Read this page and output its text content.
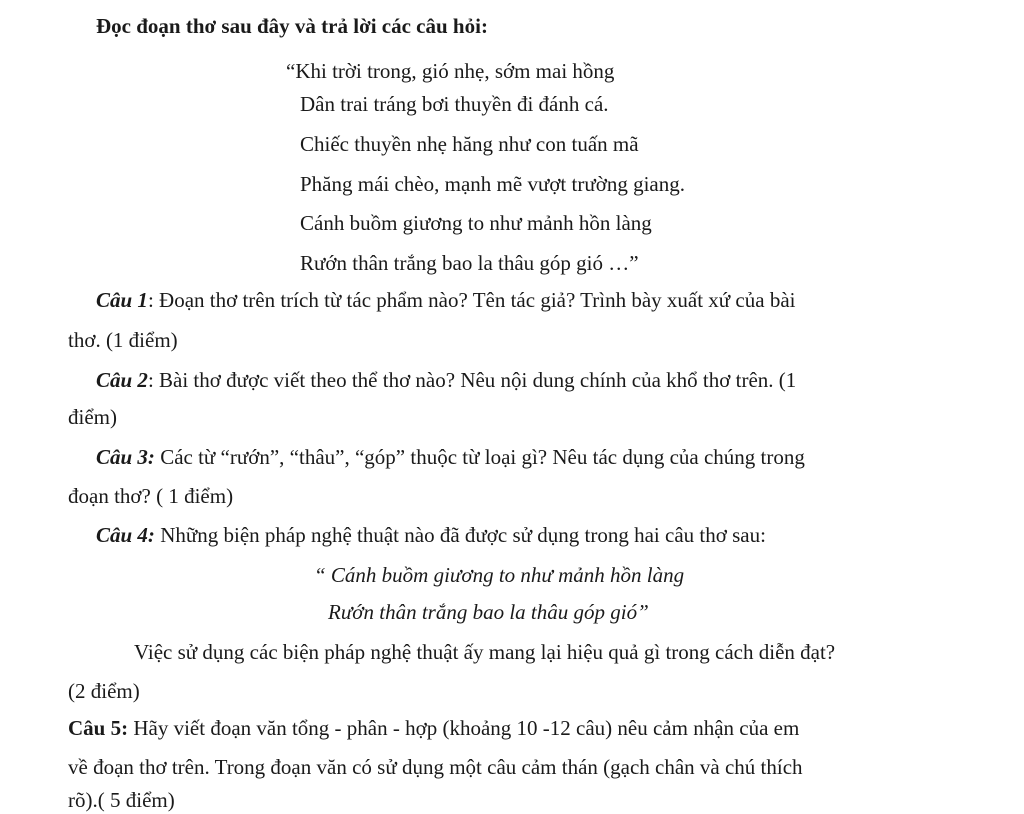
Đọc đoạn thơ sau đây và trả lời các câu hỏi:
“Khi trời trong, gió nhẹ, sớm mai hồng
Dân trai tráng bơi thuyền đi đánh cá.
Chiếc thuyền nhẹ hăng như con tuấn mã
Phăng mái chèo, mạnh mẽ vượt trường giang.
Cánh buồm giương to như mảnh hồn làng
Rướn thân trắng bao la thâu góp gió …”
Câu 1: Đoạn thơ trên trích từ tác phẩm nào? Tên tác giả? Trình bày xuất xứ của bài
thơ. (1 điểm)
Câu 2: Bài thơ được viết theo thể thơ nào? Nêu nội dung chính của khổ thơ trên. (1
điểm)
Câu 3: Các từ “rướn”, “thâu”, “góp” thuộc từ loại gì? Nêu tác dụng của chúng trong
đoạn thơ? ( 1 điểm)
Câu 4: Những biện pháp nghệ thuật nào đã được sử dụng trong hai câu thơ sau:
“ Cánh buồm giương to như mảnh hồn làng
Rướn thân trắng bao la thâu góp gió”
Việc sử dụng các biện pháp nghệ thuật ấy mang lại hiệu quả gì trong cách diễn đạt?
(2 điểm)
Câu 5: Hãy viết đoạn văn tổng - phân - hợp (khoảng 10 -12 câu) nêu cảm nhận của em
về đoạn thơ trên. Trong đoạn văn có sử dụng một câu cảm thán (gạch chân và chú thích
rõ).( 5 điểm)
